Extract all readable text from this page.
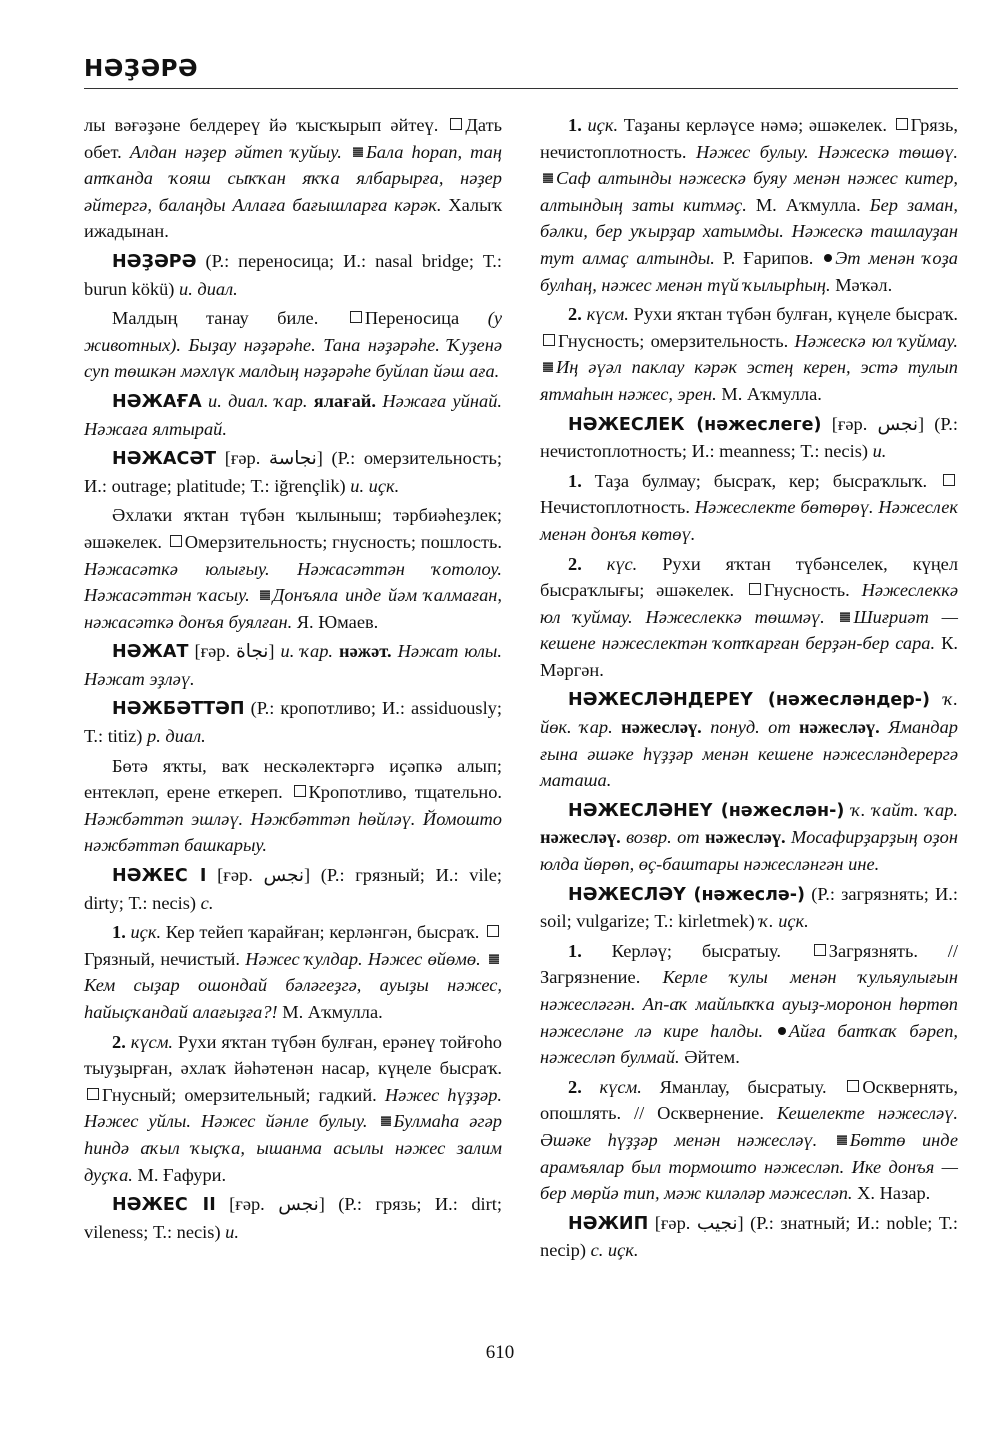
НӘҘӘРӘ

лы вәғәҙәне белдереү йә ҡысҡырып әйтеү. Дать обет. Алдан нәҙер әйтеп ҡуйыу. Бала һорап, таң атҡанда ҡояш сыҡҡан яҡҡа ялбарырға, нәҙер әйтергә, балаңды Аллаға бағышларға кәрәк. Халыҡ ижадынан.

НӘҘӘРӘ (Р.: переносица; И.: nasal bridge; Т.: burun kökü) и. диал.

Малдың танау биле. Переносица (у животных). Быҙау нәҙәрәһе. Тана нәҙәрәһе. Ҡуҙенә суп төшкән мәхлүк малдың нәҙәрәһе буйлап йәш аға.

НӘЖАҒА и. диал. ҡар. ялағай. Нәжаға уйнай. Нәжаға ялтырай.

НӘЖАСӘТ [ғәр. نجاسة] (Р.: омерзительность; И.: outrage; platitude; Т.: iğrençlik) и. иҫк.

Әхлаҡи яҡтан түбән ҡылыныш; тәрбиәһеҙлек; әшәкелек. Омерзительность; гнусность; пошлость. Нәжасәткә юлығыу. Нәжасәттән ҡотолоу. Нәжасәттән ҡасыу. Донъяла инде йәм ҡалмаған, нәжасәткә донъя буялған. Я. Юмаев.

НӘЖАТ [ғәр. نجاة] и. ҡар. нәжәт. Нәжат юлы. Нәжат эҙләү.

НӘЖБӘТТӘП (Р.: кропотливо; И.: assiduously; Т.: titiz) р. диал.

Бөтә яҡты, ваҡ нескәлектәргә иҫәпкә алып; ентекләп, ерене еткереп. Кропотливо, тщательно. Нәжбәттәп эшләү. Нәжбәттәп һөйләү. Йомошто нәжбәттәп башкарыу.

НӘЖЕС I [ғәр. نجس] (Р.: грязный; И.: vile; dirty; Т.: necis) с.

1. иҫк. Кер тейеп ҡарайған; керләнгән, бысраҡ. Грязный, нечистый. Нәжес ҡулдар. Нәжес өйөмө. Кем сыҙар ошондай бәләгеҙгә, ауыҙы нәжес, һайыҫҡандай алағыҙға?! М. Аҡмулла.

2. күсм. Рухи яҡтан түбән булған, ерәнеү тойғоһо тыуҙырған, әхлаҡ йәһәтенән насар, күңеле бысраҡ. Гнусный; омерзительный; гадкий. Нәжес һүҙҙәр. Нәжес уйлы. Нәжес йәнле булыу. Булмаһа әгәр һиндә аҡыл ҡыҫҡа, ышанма асылы нәжес залим дуҫҡа. М. Ғафури.

НӘЖЕС II [ғәр. نجس] (Р.: грязь; И.: dirt; vileness; Т.: necis) и.

1. иҫк. Таҙаны керләүсе нәмә; әшәкелек. Грязь, нечистоплотность. Нәжес булыу. Нәжескә төшөү. Саф алтынды нәжескә буяу менән нәжес китер, алтындың заты китмәҫ. М. Аҡмулла. Бер заман, бәлки, бер уҡырҙар хатымды. Нәжескә ташлауҙан тут алмаҫ алтынды. Р. Ғарипов. Эт менән ҡоҙа булһаң, нәжес менән түй ҡылырһың. Мәҡәл.

2. күсм. Рухи яҡтан түбән булған, күңеле бысраҡ. Гнусность; омерзительность. Нәжескә юл ҡуймау. Иң әүәл паклау кәрәк эстең керен, эстә тулып ятмаһын нәжес, эрен. М. Аҡмулла.

НӘЖЕСЛЕК (нәжеслеге) [ғәр. نجس] (Р.: нечистоплотность; И.: meanness; Т.: necis) и.

1. Таҙа булмау; бысраҡ, кер; бысраҡлыҡ. Нечистоплотность. Нәжеслекте бөтөрөү. Нәжеслек менән донъя көтөү.

2. күс. Рухи яҡтан түбәнселек, күңел бысраҡлығы; әшәкелек. Гнусность. Нәжеслеккә юл ҡуймау. Нәжеслеккә төшмәү. Шиғриәт — кешене нәжеслектән ҡотҡарған берҙән-бер сара. К. Мәргән.

НӘЖЕСЛӘНДЕРЕҮ (нәжесләндер-) ҡ. йөк. ҡар. нәжесләү. понуд. от нәжесләү. Ямандар ғына әшәке һүҙҙәр менән кешене нәжесләндерергә маташа.

НӘЖЕСЛӘНЕҮ (нәжеслән-) ҡ. ҡайт. ҡар. нәжесләү. возвр. от нәжесләү. Мосафирҙарҙың оҙон юлда йөрөп, өҫ-баштары нәжесләнгән ине.

НӘЖЕСЛӘҮ (нәжеслә-) (Р.: загрязнять; И.: soil; vulgarize; Т.: kirletmek) ҡ. иҫк.

1. Керләү; бысратыу. Загрязнять. // Загрязнение. Керле ҡулы менән ҡульяулығын нәжесләгән. Ап-аҡ майлыҡҡа ауыҙ-моронон һөртөп нәжесләне лә кире һалды. Айға батҡаҡ бәреп, нәжесләп булмай. Әйтем.

2. күсм. Яманлау, бысратыу. Осквернять, опошлять. // Осквернение. Кешелекте нәжесләү. Әшәке һүҙҙәр менән нәжесләү. Бөттө инде арамъялар был тормошто нәжесләп. Ике донъя — бер мөрйә тип, мәж киләләр мәжесләп. Х. Назар.

НӘЖИП [ғәр. نجيب] (Р.: знатный; И.: noble; Т.: necip) с. иҫк.

610
